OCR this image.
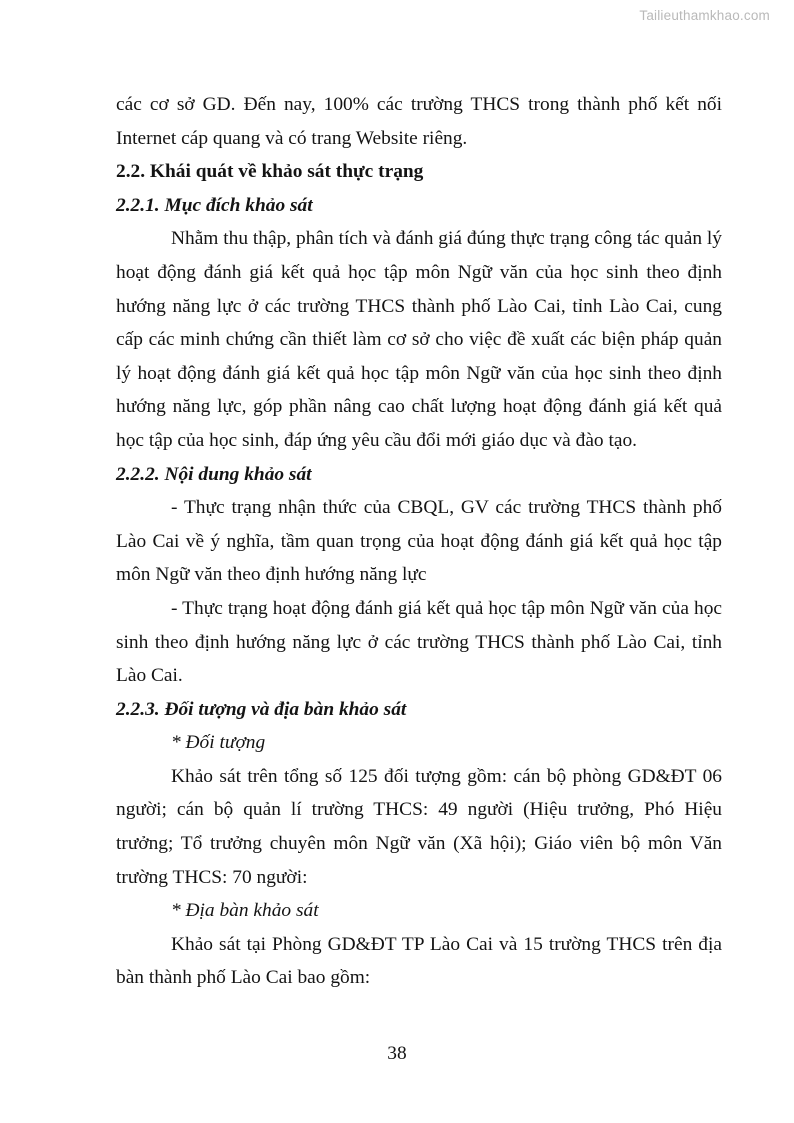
Tailieuthamkhao.com

các cơ sở GD. Đến nay, 100% các trường THCS trong thành phố kết nối Internet cáp quang và có trang Website riêng.

2.2. Khái quát về khảo sát thực trạng
2.2.1. Mục đích khảo sát

Nhằm thu thập, phân tích và đánh giá đúng thực trạng công tác quản lý hoạt động đánh giá kết quả học tập môn Ngữ văn của học sinh theo định hướng năng lực ở các trường THCS thành phố Lào Cai, tỉnh Lào Cai, cung cấp các minh chứng cần thiết làm cơ sở cho việc đề xuất các biện pháp quản lý hoạt động đánh giá kết quả học tập môn Ngữ văn của học sinh theo định hướng năng lực, góp phần nâng cao chất lượng hoạt động đánh giá kết quả học tập của học sinh, đáp ứng yêu cầu đổi mới giáo dục và đào tạo.

2.2.2. Nội dung khảo sát

- Thực trạng nhận thức của CBQL, GV các trường THCS thành phố Lào Cai về ý nghĩa, tầm quan trọng của hoạt động đánh giá kết quả học tập môn Ngữ văn theo định hướng năng lực

- Thực trạng hoạt động đánh giá kết quả học tập môn Ngữ văn của học sinh theo định hướng năng lực ở các trường THCS thành phố Lào Cai, tỉnh Lào Cai.

2.2.3. Đối tượng và địa bàn khảo sát

* Đối tượng

Khảo sát trên tổng số 125 đối tượng gồm: cán bộ phòng GD&ĐT 06 người; cán bộ quản lí trường THCS: 49 người (Hiệu trưởng, Phó Hiệu trưởng; Tổ trưởng chuyên môn Ngữ văn (Xã hội); Giáo viên bộ môn Văn trường THCS: 70 người:

* Địa bàn khảo sát

Khảo sát tại Phòng GD&ĐT TP Lào Cai và 15 trường THCS trên địa bàn thành phố Lào Cai bao gồm:

38
